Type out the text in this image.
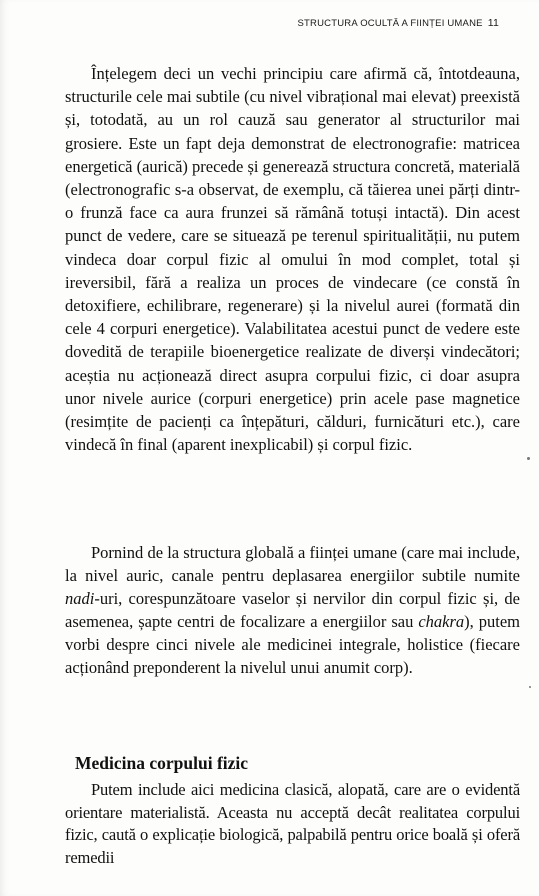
STRUCTURA OCULTĂ A FIINȚEI UMANE 11

Înțelegem deci un vechi principiu care afirmă că, întotdeauna, structurile cele mai subtile (cu nivel vibrațional mai elevat) preexistă și, totodată, au un rol cauză sau generator al structurilor mai grosiere. Este un fapt deja demonstrat de electronografie: matricea energetică (aurică) precede și generează structura concretă, materială (electronografic s-a observat, de exemplu, că tăierea unei părți dintr-o frunză face ca aura frunzei să rămână totuși intactă). Din acest punct de vedere, care se situează pe terenul spiritualității, nu putem vindeca doar corpul fizic al omului în mod complet, total și ireversibil, fără a realiza un proces de vindecare (ce constă în detoxifiere, echilibrare, regenerare) și la nivelul aurei (formată din cele 4 corpuri energetice). Valabilitatea acestui punct de vedere este dovedită de terapiile bioenergetice realizate de diverși vindecători; aceștia nu acționează direct asupra corpului fizic, ci doar asupra unor nivele aurice (corpuri energetice) prin acele pase magnetice (resimțite de pacienți ca înțepături, călduri, furnicături etc.), care vindecă în final (aparent inexplicabil) și corpul fizic.

Pornind de la structura globală a ființei umane (care mai include, la nivel auric, canale pentru deplasarea energiilor subtile numite nadi-uri, corespunzătoare vaselor și nervilor din corpul fizic și, de asemenea, șapte centri de focalizare a energiilor sau chakra), putem vorbi despre cinci nivele ale medicinei integrale, holistice (fiecare acționând preponderent la nivelul unui anumit corp).

Medicina corpului fizic

Putem include aici medicina clasică, alopată, care are o evidentă orientare materialistă. Aceasta nu acceptă decât realitatea corpului fizic, caută o explicație biologică, palpabilă pentru orice boală și oferă remedii
